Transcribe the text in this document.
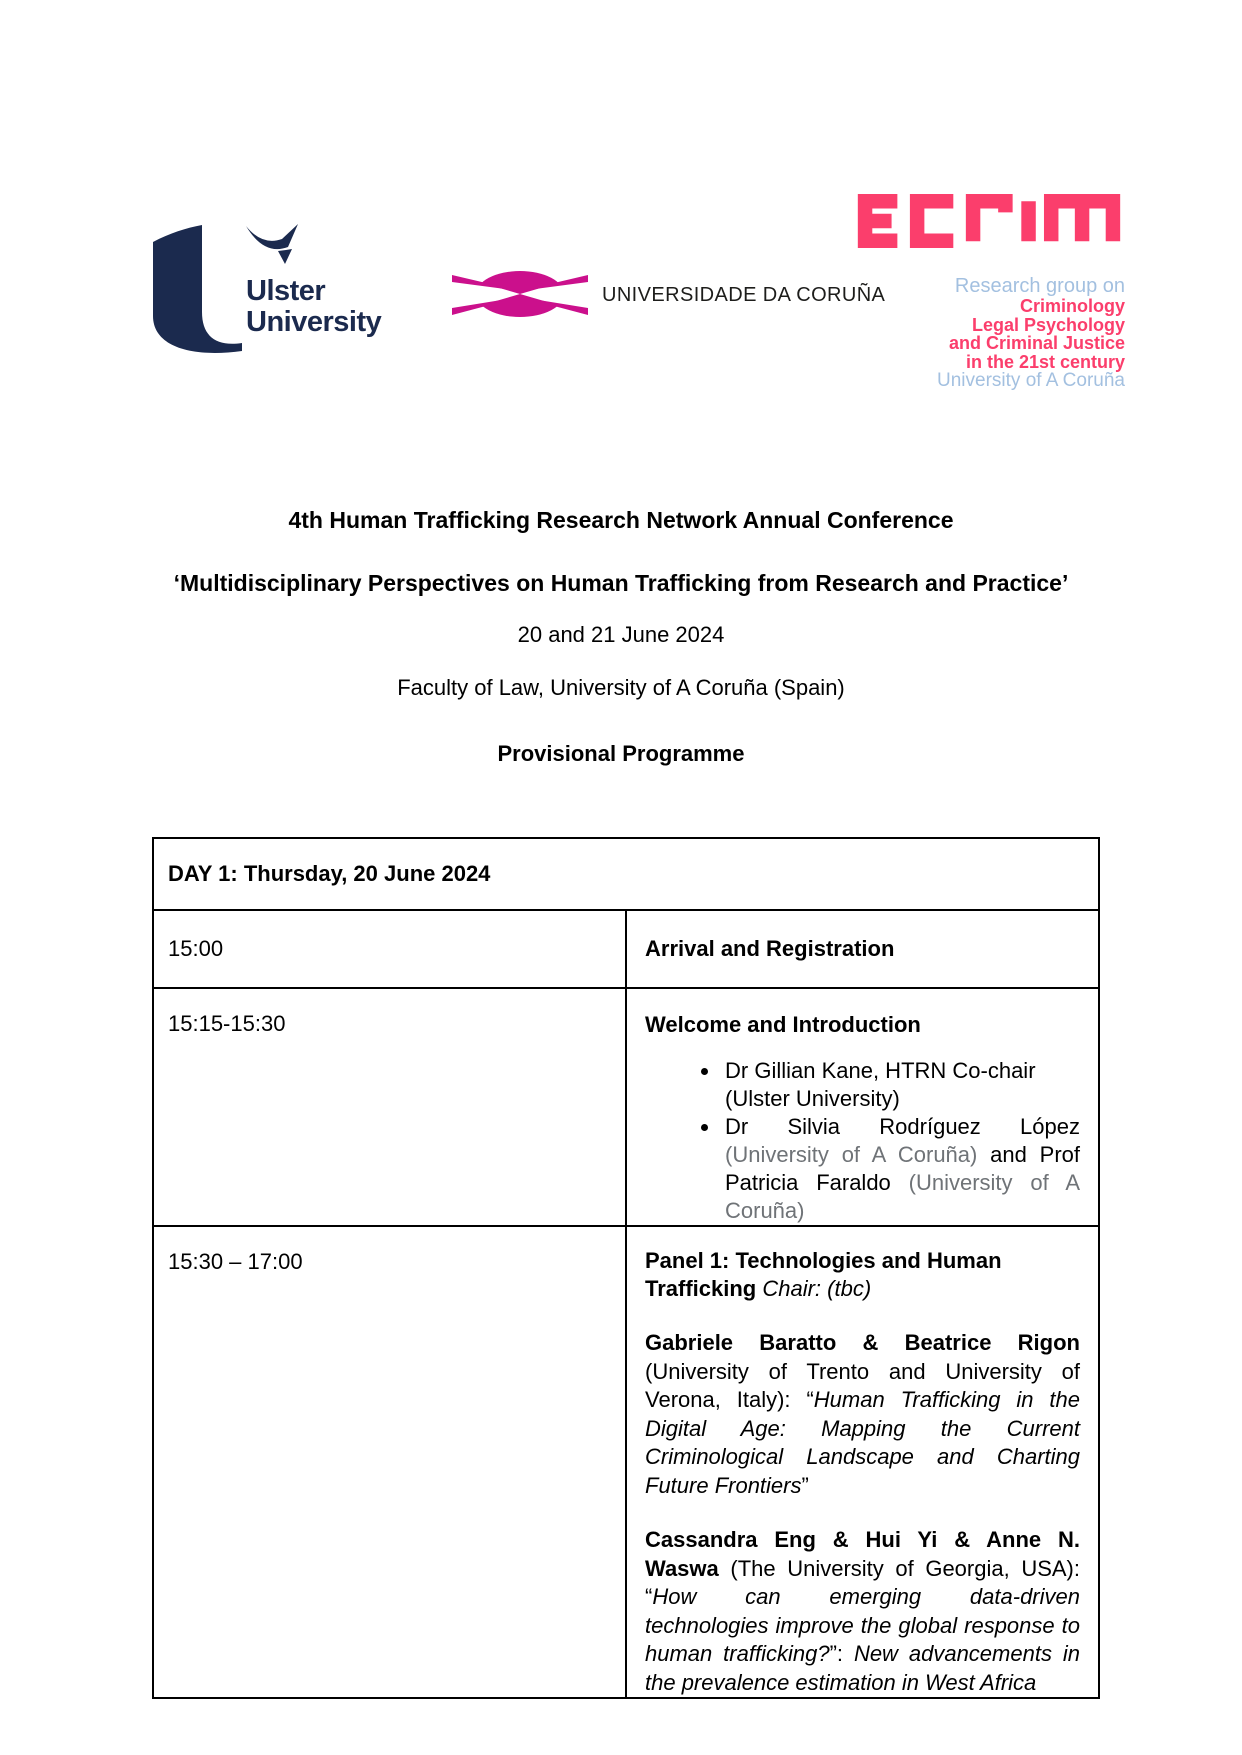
Ulster
University
UNIVERSIDADE DA CORUÑA	Research group on
Criminology
Legal Psychology
and Criminal Justice
in the 21st century
University of A Coruña
4th Human Trafficking Research Network Annual Conference
‘Multidisciplinary Perspectives on Human Trafficking from Research and Practice’
20 and 21 June 2024
Faculty of Law, University of A Coruña (Spain)
Provisional Programme
DAY 1: Thursday, 20 June 2024	
15:00	Arrival and Registration
15:15-15:30	Welcome and Introduction
• Dr Gillian Kane, HTRN Co-chair (Ulster University)
• Dr Silvia Rodríguez López (University of A Coruña) and Prof Patricia Faraldo (University of A Coruña)

15:30 – 17:00	Panel 1: Technologies and Human Trafficking Chair: (tbc)

Gabriele Baratto & Beatrice Rigon (University of Trento and University of Verona, Italy): “Human Trafficking in the Digital Age: Mapping the Current Criminological Landscape and Charting Future Frontiers”

Cassandra Eng & Hui Yi & Anne N. Waswa (The University of Georgia, USA): “How can emerging data-driven technologies improve the global response to human trafficking?”: New advancements in the prevalence estimation in West Africa
